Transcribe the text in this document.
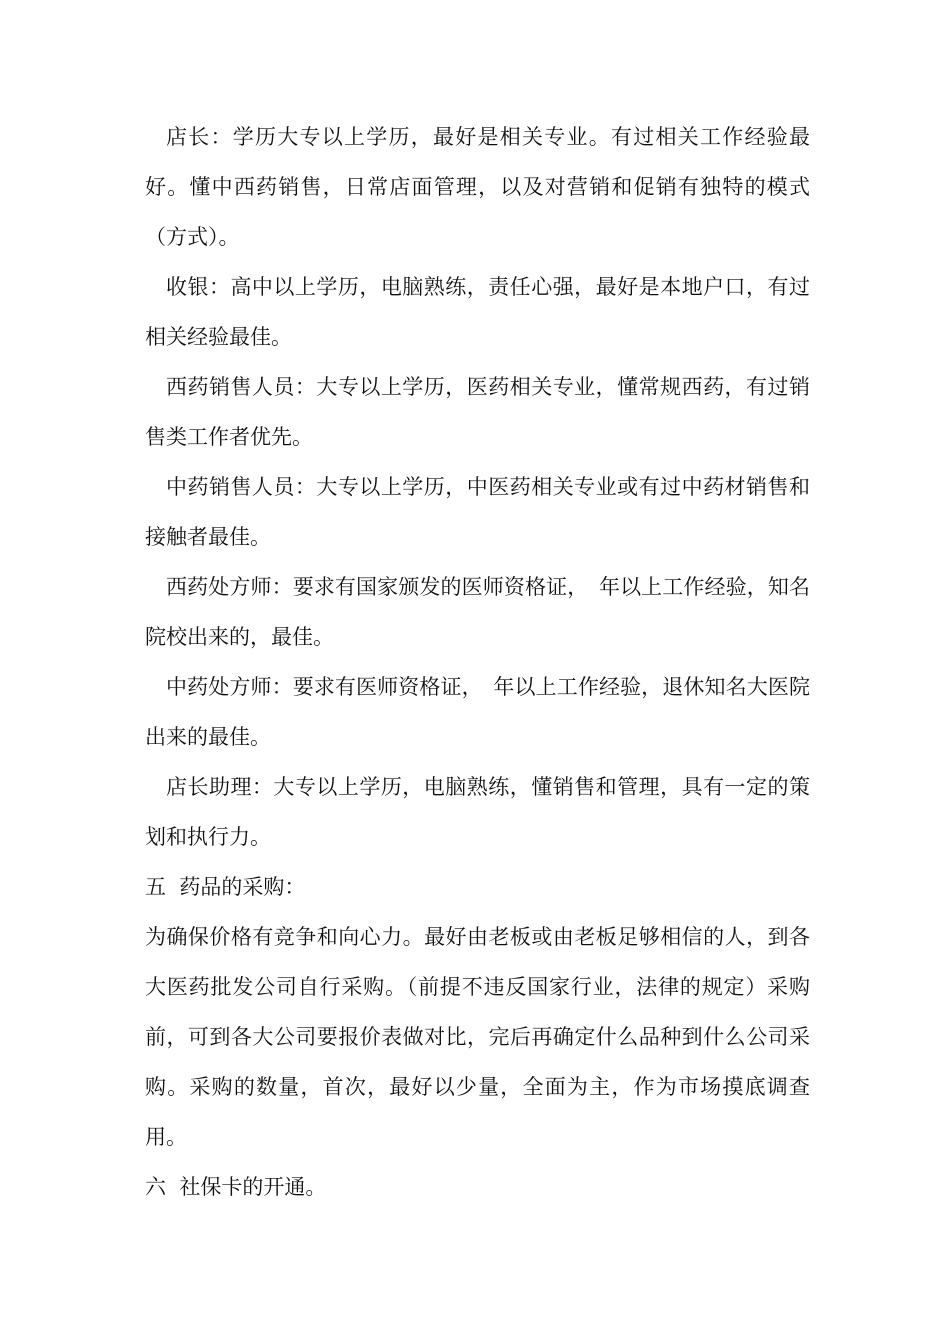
店长：学历大专以上学历，最好是相关专业。有过相关工作经验最好。懂中西药销售，日常店面管理，以及对营销和促销有独特的模式（方式）。

收银：高中以上学历，电脑熟练，责任心强，最好是本地户口，有过相关经验最佳。

西药销售人员：大专以上学历，医药相关专业，懂常规西药，有过销售类工作者优先。

中药销售人员：大专以上学历，中医药相关专业或有过中药材销售和接触者最佳。

西药处方师：要求有国家颁发的医师资格证，　年以上工作经验，知名院校出来的，最佳。

中药处方师：要求有医师资格证，　年以上工作经验，退休知名大医院出来的最佳。

店长助理：大专以上学历，电脑熟练，懂销售和管理，具有一定的策划和执行力。

五  药品的采购：

为确保价格有竞争和向心力。最好由老板或由老板足够相信的人，到各大医药批发公司自行采购。（前提不违反国家行业，法律的规定）采购前，可到各大公司要报价表做对比，完后再确定什么品种到什么公司采购。采购的数量，首次，最好以少量，全面为主，作为市场摸底调查用。

六  社保卡的开通。
